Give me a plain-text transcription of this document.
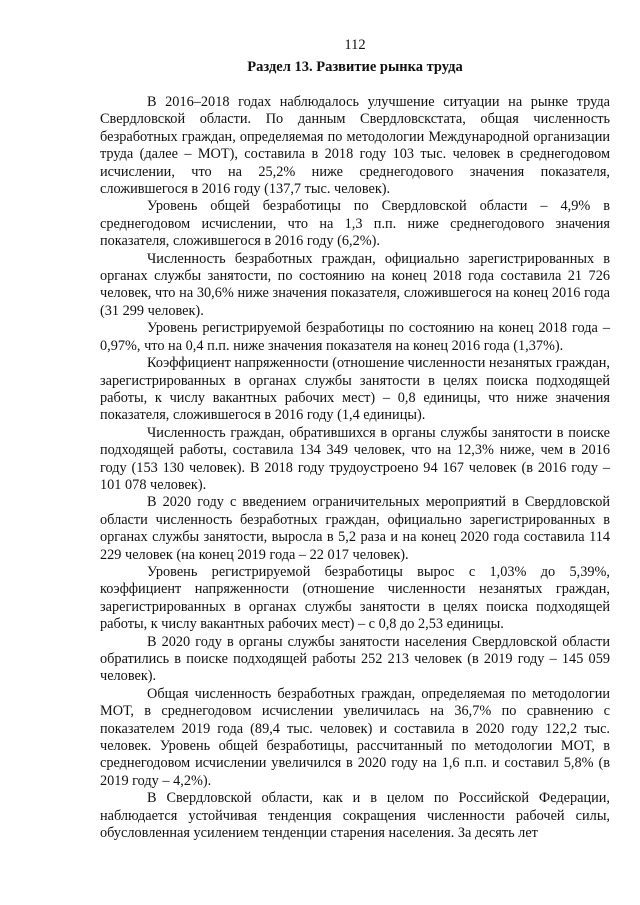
112
Раздел 13. Развитие рынка труда

В 2016–2018 годах наблюдалось улучшение ситуации на рынке труда Свердловской области. По данным Свердловскстата, общая численность безработных граждан, определяемая по методологии Международной организации труда (далее – МОТ), составила в 2018 году 103 тыс. человек в среднегодовом исчислении, что на 25,2% ниже среднегодового значения показателя, сложившегося в 2016 году (137,7 тыс. человек).

Уровень общей безработицы по Свердловской области – 4,9% в среднегодовом исчислении, что на 1,3 п.п. ниже среднегодового значения показателя, сложившегося в 2016 году (6,2%).

Численность безработных граждан, официально зарегистрированных в органах службы занятости, по состоянию на конец 2018 года составила 21 726 человек, что на 30,6% ниже значения показателя, сложившегося на конец 2016 года (31 299 человек).

Уровень регистрируемой безработицы по состоянию на конец 2018 года – 0,97%, что на 0,4 п.п. ниже значения показателя на конец 2016 года (1,37%).

Коэффициент напряженности (отношение численности незанятых граждан, зарегистрированных в органах службы занятости в целях поиска подходящей работы, к числу вакантных рабочих мест) – 0,8 единицы, что ниже значения показателя, сложившегося в 2016 году (1,4 единицы).

Численность граждан, обратившихся в органы службы занятости в поиске подходящей работы, составила 134 349 человек, что на 12,3% ниже, чем в 2016 году (153 130 человек). В 2018 году трудоустроено 94 167 человек (в 2016 году – 101 078 человек).

В 2020 году с введением ограничительных мероприятий в Свердловской области численность безработных граждан, официально зарегистрированных в органах службы занятости, выросла в 5,2 раза и на конец 2020 года составила 114 229 человек (на конец 2019 года – 22 017 человек).

Уровень регистрируемой безработицы вырос с 1,03% до 5,39%, коэффициент напряженности (отношение численности незанятых граждан, зарегистрированных в органах службы занятости в целях поиска подходящей работы, к числу вакантных рабочих мест) – с 0,8 до 2,53 единицы.

В 2020 году в органы службы занятости населения Свердловской области обратились в поиске подходящей работы 252 213 человек (в 2019 году – 145 059 человек).

Общая численность безработных граждан, определяемая по методологии МОТ, в среднегодовом исчислении увеличилась на 36,7% по сравнению с показателем 2019 года (89,4 тыс. человек) и составила в 2020 году 122,2 тыс. человек. Уровень общей безработицы, рассчитанный по методологии МОТ, в среднегодовом исчислении увеличился в 2020 году на 1,6 п.п. и составил 5,8% (в 2019 году – 4,2%).

В Свердловской области, как и в целом по Российской Федерации, наблюдается устойчивая тенденция сокращения численности рабочей силы, обусловленная усилением тенденции старения населения. За десять лет
